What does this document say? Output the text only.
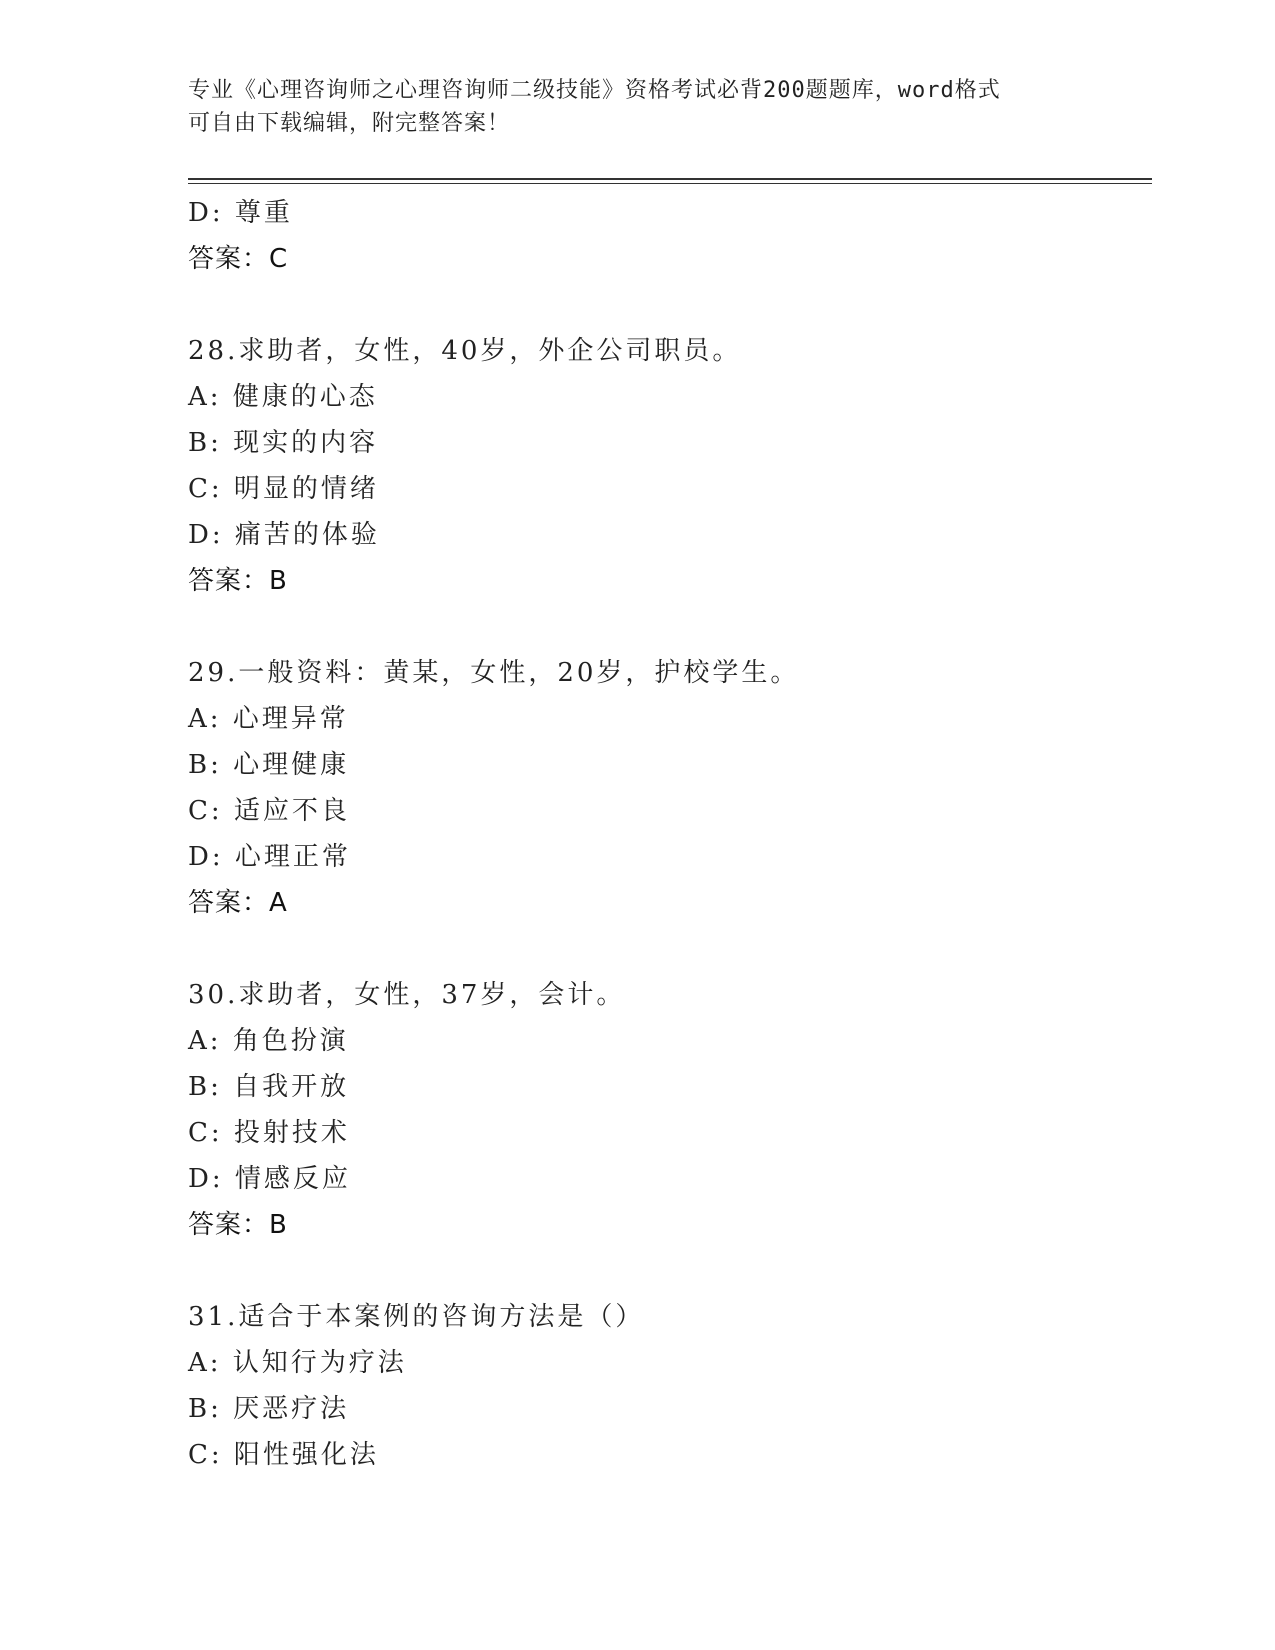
专业《心理咨询师之心理咨询师二级技能》资格考试必背200题题库，word格式
可自由下载编辑，附完整答案！
D: 尊重
答案：C
28.求助者，女性，40岁，外企公司职员。
A: 健康的心态
B: 现实的内容
C: 明显的情绪
D: 痛苦的体验
答案：B
29.一般资料：黄某，女性，20岁，护校学生。
A: 心理异常
B: 心理健康
C: 适应不良
D: 心理正常
答案：A
30.求助者，女性，37岁，会计。
A: 角色扮演
B: 自我开放
C: 投射技术
D: 情感反应
答案：B
31.适合于本案例的咨询方法是（）
A: 认知行为疗法
B: 厌恶疗法
C: 阳性强化法
